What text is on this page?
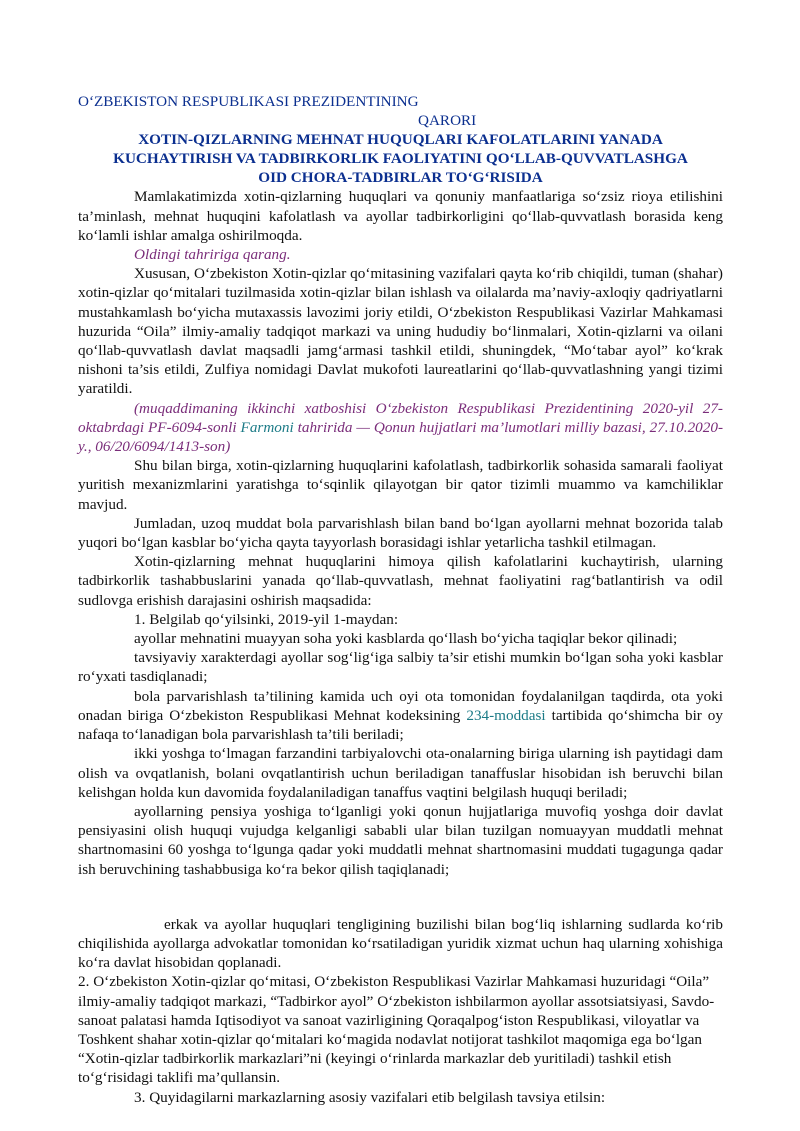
O‘ZBEKISTON RESPUBLIKASI PREZIDENTINING

QARORI

XOTIN-QIZLARNING MEHNAT HUQUQLARI KAFOLATLARINI YANADA

KUCHAYTIRISH VA TADBIRKORLIK FAOLIYATINI QO‘LLAB-QUVVATLASHGA

OID CHORA-TADBIRLAR TO‘G‘RISIDA

Mamlakatimizda xotin-qizlarning huquqlari va qonuniy manfaatlariga so‘zsiz rioya etilishini ta’minlash, mehnat huquqini kafolatlash va ayollar tadbirkorligini qo‘llab-quvvatlash borasida keng ko‘lamli ishlar amalga oshirilmoqda.

Oldingi tahririga qarang.

Xususan, O‘zbekiston Xotin-qizlar qo‘mitasining vazifalari qayta ko‘rib chiqildi, tuman (shahar) xotin-qizlar qo‘mitalari tuzilmasida xotin-qizlar bilan ishlash va oilalarda ma’naviy-axloqiy qadriyatlarni mustahkamlash bo‘yicha mutaxassis lavozimi joriy etildi, O‘zbekiston Respublikasi Vazirlar Mahkamasi huzurida “Oila” ilmiy-amaliy tadqiqot markazi va uning hududiy bo‘linmalari, Xotin-qizlarni va oilani qo‘llab-quvvatlash davlat maqsadli jamg‘armasi tashkil etildi, shuningdek, “Mo‘tabar ayol” ko‘krak nishoni ta’sis etildi, Zulfiya nomidagi Davlat mukofoti laureatlarini qo‘llab-quvvatlashning yangi tizimi yaratildi.

(muqaddimaning ikkinchi xatboshisi O‘zbekiston Respublikasi Prezidentining 2020-yil 27-oktabrdagi PF-6094-sonli Farmoni tahririda — Qonun hujjatlari ma’lumotlari milliy bazasi, 27.10.2020-y., 06/20/6094/1413-son)

Shu bilan birga, xotin-qizlarning huquqlarini kafolatlash, tadbirkorlik sohasida samarali faoliyat yuritish mexanizmlarini yaratishga to‘sqinlik qilayotgan bir qator tizimli muammo va kamchiliklar mavjud.

Jumladan, uzoq muddat bola parvarishlash bilan band bo‘lgan ayollarni mehnat bozorida talab yuqori bo‘lgan kasblar bo‘yicha qayta tayyorlash borasidagi ishlar yetarlicha tashkil etilmagan.

Xotin-qizlarning mehnat huquqlarini himoya qilish kafolatlarini kuchaytirish, ularning tadbirkorlik tashabbuslarini yanada qo‘llab-quvvatlash, mehnat faoliyatini rag‘batlantirish va odil sudlovga erishish darajasini oshirish maqsadida:

1. Belgilab qo‘yilsinki, 2019-yil 1-maydan:

ayollar mehnatini muayyan soha yoki kasblarda qo‘llash bo‘yicha taqiqlar bekor qilinadi;

tavsiyaviy xarakterdagi ayollar sog‘lig‘iga salbiy ta’sir etishi mumkin bo‘lgan soha yoki kasblar ro‘yxati tasdiqlanadi;

bola parvarishlash ta’tilining kamida uch oyi ota tomonidan foydalanilgan taqdirda, ota yoki onadan biriga O‘zbekiston Respublikasi Mehnat kodeksining 234-moddasi tartibida qo‘shimcha bir oy nafaqa to‘lanadigan bola parvarishlash ta’tili beriladi;

ikki yoshga to‘lmagan farzandini tarbiyalovchi ota-onalarning biriga ularning ish paytidagi dam olish va ovqatlanish, bolani ovqatlantirish uchun beriladigan tanaffuslar hisobidan ish beruvchi bilan kelishgan holda kun davomida foydalaniladigan tanaffus vaqtini belgilash huquqi beriladi;

ayollarning pensiya yoshiga to‘lganligi yoki qonun hujjatlariga muvofiq yoshga doir davlat pensiyasini olish huquqi vujudga kelganligi sababli ular bilan tuzilgan nomuayyan muddatli mehnat shartnomasini 60 yoshga to‘lgunga qadar yoki muddatli mehnat shartnomasini muddati tugagunga qadar ish beruvchining tashabbusiga ko‘ra bekor qilish taqiqlanadi;

erkak va ayollar huquqlari tengligining buzilishi bilan bog‘liq ishlarning sudlarda ko‘rib chiqilishida ayollarga advokatlar tomonidan ko‘rsatiladigan yuridik xizmat uchun haq ularning xohishiga ko‘ra davlat hisobidan qoplanadi.

2. O‘zbekiston Xotin-qizlar qo‘mitasi, O‘zbekiston Respublikasi Vazirlar Mahkamasi huzuridagi “Oila” ilmiy-amaliy tadqiqot markazi, “Tadbirkor ayol” O‘zbekiston ishbilarmon ayollar assotsiatsiyasi, Savdo-sanoat palatasi hamda Iqtisodiyot va sanoat vazirligining Qoraqalpog‘iston Respublikasi, viloyatlar va Toshkent shahar xotin-qizlar qo‘mitalari ko‘magida nodavlat notijorat tashkilot maqomiga ega bo‘lgan “Xotin-qizlar tadbirkorlik markazlari”ni (keyingi o‘rinlarda markazlar deb yuritiladi) tashkil etish to‘g‘risidagi taklifi ma’qullansin.

3. Quyidagilarni markazlarning asosiy vazifalari etib belgilash tavsiya etilsin:
